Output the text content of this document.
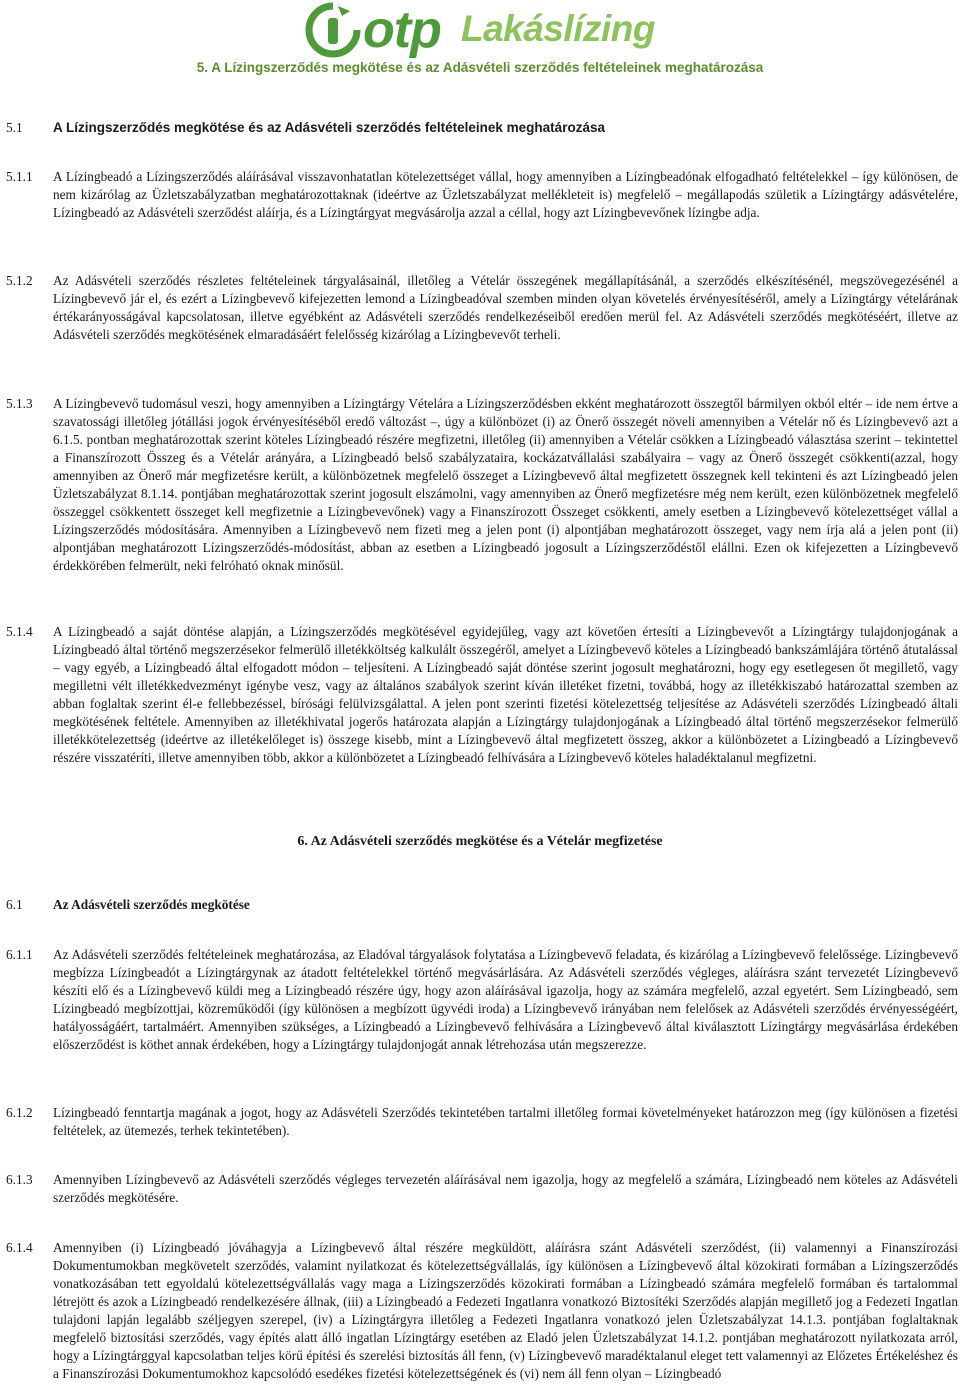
otp Lakáslízing
5. A Lízingszerződés megkötése és az Adásvételi szerződés feltételeinek meghatározása
5.1 A Lízingszerződés megkötése és az Adásvételi szerződés feltételeinek meghatározása
5.1.1 A Lízingbeadó a Lízingszerződés aláírásával visszavonhatatlan kötelezettséget vállal, hogy amennyiben a Lízingbeadónak elfogadható feltételekkel – így különösen, de nem kizárólag az Üzletszabályzatban meghatározottaknak (ideértve az Üzletszabályzat mellékleteit is) megfelelő – megállapodás születik a Lízingtárgy adásvételére, Lízingbeadó az Adásvételi szerződést aláírja, és a Lízingtárgyat megvásárolja azzal a céllal, hogy azt Lízingbevevőnek lízingbe adja.
5.1.2 Az Adásvételi szerződés részletes feltételeinek tárgyalásainál, illetőleg a Vételár összegének megállapításánál, a szerződés elkészítésénél, megszövegezésénél a Lízingbevevő jár el, és ezért a Lízingbevevő kifejezetten lemond a Lízingbeadóval szemben minden olyan követelés érvényesítéséről, amely a Lízingtárgy vételárának értékarányosságával kapcsolatosan, illetve egyébként az Adásvételi szerződés rendelkezéseiből eredően merül fel. Az Adásvételi szerződés megkötéséért, illetve az Adásvételi szerződés megkötésének elmaradásáért felelősség kizárólag a Lízingbevevőt terheli.
5.1.3 A Lízingbevevő tudomásul veszi, hogy amennyiben a Lízingtárgy Vételára a Lízingszerződésben ekként meghatározott összegtől bármilyen okból eltér – ide nem értve a szavatossági illetőleg jótállási jogok érvényesítéséből eredő változást –, úgy a különbözet (i) az Önerő összegét növeli amennyiben a Vételár nő és Lízingbevevő azt a 6.1.5. pontban meghatározottak szerint köteles Lízingbeadó részére megfizetni, illetőleg (ii) amennyiben a Vételár csökken a Lízingbeadó választása szerint – tekintettel a Finanszírozott Összeg és a Vételár arányára, a Lízingbeadó belső szabályzataira, kockázatvállalási szabályaira – vagy az Önerő összegét csökkenti(azzal, hogy amennyiben az Önerő már megfizetésre került, a különbözetnek megfelelő összeget a Lízingbevevő által megfizetett összegnek kell tekinteni és azt Lízingbeadó jelen Üzletszabályzat 8.1.14. pontjában meghatározottak szerint jogosult elszámolni, vagy amennyiben az Önerő megfizetésre még nem került, ezen különbözetnek megfelelő összeggel csökkentett összeget kell megfizetnie a Lízingbevevőnek) vagy a Finanszírozott Összeget csökkenti, amely esetben a Lízingbevevő kötelezettséget vállal a Lízingszerződés módosítására. Amennyiben a Lízingbevevő nem fizeti meg a jelen pont (i) alpontjában meghatározott összeget, vagy nem írja alá a jelen pont (ii) alpontjában meghatározott Lízingszerződés-módosítást, abban az esetben a Lízingbeadó jogosult a Lízingszerződéstől elállni. Ezen ok kifejezetten a Lízingbevevő érdekkörében felmerült, neki felróható oknak minősül.
5.1.4 A Lízingbeadó a saját döntése alapján, a Lízingszerződés megkötésével egyidejűleg, vagy azt követően értesíti a Lízingbevevőt a Lízingtárgy tulajdonjogának a Lízingbeadó által történő megszerzésekor felmerülő illetékköltség kalkulált összegéről, amelyet a Lízingbevevő köteles a Lízingbeadó bankszámlájára történő átutalással – vagy egyéb, a Lízingbeadó által elfogadott módon – teljesíteni. A Lízingbeadó saját döntése szerint jogosult meghatározni, hogy egy esetlegesen őt megillető, vagy megilletni vélt illetékkedvezményt igénybe vesz, vagy az általános szabályok szerint kíván illetéket fizetni, továbbá, hogy az illetékkiszabó határozattal szemben az abban foglaltak szerint él-e fellebbezéssel, bírósági felülvizsgálattal. A jelen pont szerinti fizetési kötelezettség teljesítése az Adásvételi szerződés Lízingbeadó általi megkötésének feltétele. Amennyiben az illetékhivatal jogerős határozata alapján a Lízingtárgy tulajdonjogának a Lízingbeadó által történő megszerzésekor felmerülő illetékkötelezettség (ideértve az illetékelőleget is) összege kisebb, mint a Lízingbevevő által megfizetett összeg, akkor a különbözetet a Lízingbeadó a Lízingbevevő részére visszatéríti, illetve amennyiben több, akkor a különbözetet a Lízingbeadó felhívására a Lízingbevevő köteles haladéktalanul megfizetni.
6. Az Adásvételi szerződés megkötése és a Vételár megfizetése
6.1 Az Adásvételi szerződés megkötése
6.1.1 Az Adásvételi szerződés feltételeinek meghatározása, az Eladóval tárgyalások folytatása a Lízingbevevő feladata, és kizárólag a Lízingbevevő felelőssége. Lízingbevevő megbízza Lízingbeadót a Lízingtárgynak az átadott feltételekkel történő megvásárlására. Az Adásvételi szerződés végleges, aláírásra szánt tervezetét Lízingbevevő készíti elő és a Lízingbevevő küldi meg a Lízingbeadó részére úgy, hogy azon aláírásával igazolja, hogy az számára megfelelő, azzal egyetért. Sem Lízingbeadó, sem Lízingbeadó megbízottjai, közreműködői (így különösen a megbízott ügyvédi iroda) a Lízingbevevő irányában nem felelősek az Adásvételi szerződés érvényességéért, hatályosságáért, tartalmáért. Amennyiben szükséges, a Lízingbeadó a Lízingbevevő felhívására a Lízingbevevő által kiválasztott Lízingtárgy megvásárlása érdekében előszerződést is köthet annak érdekében, hogy a Lízingtárgy tulajdonjogát annak létrehozása után megszerezze.
6.1.2 Lízingbeadó fenntartja magának a jogot, hogy az Adásvételi Szerződés tekintetében tartalmi illetőleg formai követelményeket határozzon meg (így különösen a fizetési feltételek, az ütemezés, terhek tekintetében).
6.1.3 Amennyiben Lízingbevevő az Adásvételi szerződés végleges tervezetén aláírásával nem igazolja, hogy az megfelelő a számára, Lízingbeadó nem köteles az Adásvételi szerződés megkötésére.
6.1.4 Amennyiben (i) Lízingbeadó jóváhagyja a Lízingbevevő által részére megküldött, aláírásra szánt Adásvételi szerződést, (ii) valamennyi a Finanszírozási Dokumentumokban megkövetelt szerződés, valamint nyilatkozat és kötelezettségvállalás, így különösen a Lízingbevevő által közokirati formában a Lízingszerződés vonatkozásában tett egyoldalú kötelezettségvállalás vagy maga a Lízingszerződés közokirati formában a Lízingbeadó számára megfelelő formában és tartalommal létrejött és azok a Lízingbeadó rendelkezésére állnak, (iii) a Lízingbeadó a Fedezeti Ingatlanra vonatkozó Biztosítéki Szerződés alapján megillető jog a Fedezeti Ingatlan tulajdoni lapján legalább széljegyen szerepel, (iv) a Lízingtárgyra illetőleg a Fedezeti Ingatlanra vonatkozó jelen Üzletszabályzat 14.1.3. pontjában foglaltaknak megfelelő biztosítási szerződés, vagy építés alatt álló ingatlan Lízingtárgy esetében az Eladó jelen Üzletszabályzat 14.1.2. pontjában meghatározott nyilatkozata arról, hogy a Lízingtárggyal kapcsolatban teljes körű építési és szerelési biztosítás áll fenn, (v) Lízingbevevő maradéktalanul eleget tett valamennyi az Előzetes Értékeléshez és a Finanszírozási Dokumentumokhoz kapcsolódó esedékes fizetési kötelezettségének és (vi) nem áll fenn olyan – Lízingbeadó
